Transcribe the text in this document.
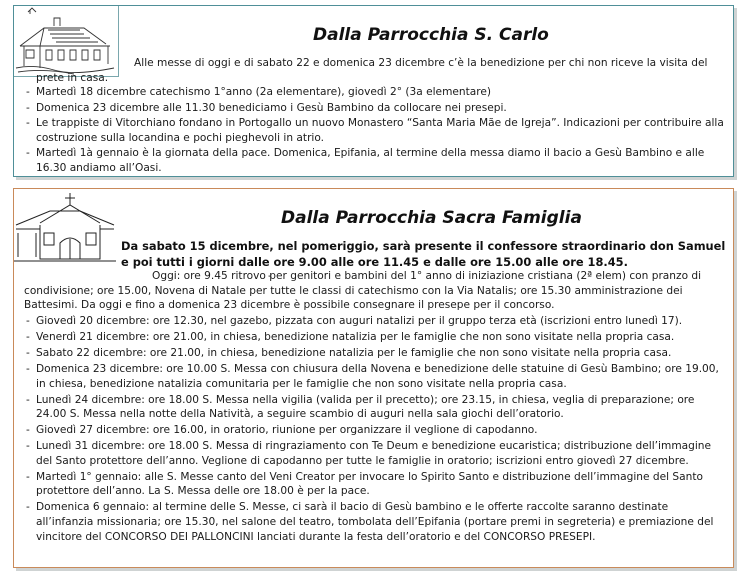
Dalla Parrocchia S. Carlo

Alle messe di oggi e di sabato 22 e domenica 23 dicembre c’è la benedizione per chi non riceve la visita del prete in casa.

- Martedì 18 dicembre catechismo 1°anno (2a elementare), giovedì 2° (3a elementare)
- Domenica 23 dicembre alle 11.30 benediciamo i Gesù Bambino da collocare nei presepi.
- Le trappiste di Vitorchiano fondano in Portogallo un nuovo Monastero “Santa Maria Mãe de Igreja”. Indicazioni per contribuire alla costruzione sulla locandina e pochi pieghevoli in atrio.
- Martedì 1à gennaio è la giornata della pace. Domenica, Epifania, al termine della messa diamo il bacio a Gesù Bambino e alle 16.30 andiamo all’Oasi.
Dalla Parrocchia Sacra Famiglia

Da sabato 15 dicembre, nel pomeriggio, sarà presente il confessore straordinario don Samuel e poi tutti i giorni dalle ore 9.00 alle ore 11.45 e dalle ore 15.00 alle ore 18.45.

- Oggi: ore 9.45 ritrovo per genitori e bambini del 1° anno di iniziazione cristiana (2ª elem) con pranzo di condivisione; ore 15.00, Novena di Natale per tutte le classi di catechismo con la Via Natalis; ore 15.30 amministrazione dei Battesimi. Da oggi e fino a domenica 23 dicembre è possibile consegnare il presepe per il concorso.
- Giovedì 20 dicembre: ore 12.30, nel gazebo, pizzata con auguri natalizi per il gruppo terza età (iscrizioni entro lunedì 17).
- Venerdì 21 dicembre: ore 21.00, in chiesa, benedizione natalizia per le famiglie che non sono visitate nella propria casa.
- Sabato 22 dicembre: ore 21.00, in chiesa, benedizione natalizia per le famiglie che non sono visitate nella propria casa.
- Domenica 23 dicembre: ore 10.00 S. Messa con chiusura della Novena e benedizione delle statuine di Gesù Bambino; ore 19.00, in chiesa, benedizione natalizia comunitaria per le famiglie che non sono visitate nella propria casa.
- Lunedì 24 dicembre: ore 18.00 S. Messa nella vigilia (valida per il precetto); ore 23.15, in chiesa, veglia di preparazione; ore 24.00 S. Messa nella notte della Natività, a seguire scambio di auguri nella sala giochi dell’oratorio.
- Giovedì 27 dicembre: ore 16.00, in oratorio, riunione per organizzare il veglione di capodanno.
- Lunedì 31 dicembre: ore 18.00 S. Messa di ringraziamento con Te Deum e benedizione eucaristica; distribuzione dell’immagine del Santo protettore dell’anno. Veglione di capodanno per tutte le famiglie in oratorio; iscrizioni entro giovedì 27 dicembre.
- Martedì 1° gennaio: alle S. Messe canto del Veni Creator per invocare lo Spirito Santo e distribuzione dell’immagine del Santo protettore dell’anno. La S. Messa delle ore 18.00 è per la pace.
- Domenica 6 gennaio: al termine delle S. Messe, ci sarà il bacio di Gesù bambino e le offerte raccolte saranno destinate all’infanzia missionaria; ore 15.30, nel salone del teatro, tombolata dell’Epifania (portare premi in segreteria) e premiazione del vincitore del CONCORSO DEI PALLONCINI lanciati durante la festa dell’oratorio e del CONCORSO PRESEPI.
